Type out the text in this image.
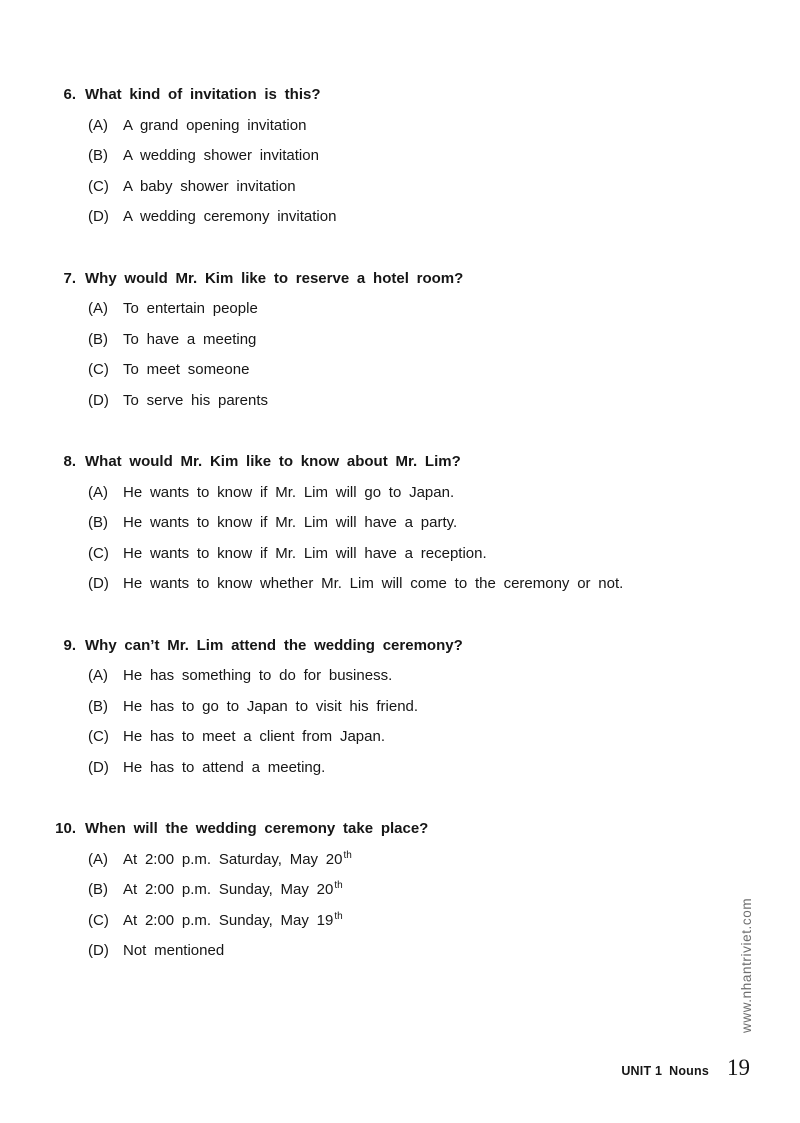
6. What kind of invitation is this?
(A)	A grand opening invitation
(B)	A wedding shower invitation
(C) A baby shower invitation
(D) A wedding ceremony invitation
7. Why would Mr. Kim like to reserve a hotel room?
(A)	To entertain people
(B)	To have a meeting
(C) To meet someone
(D) To serve his parents
8. What would Mr. Kim like to know about Mr. Lim?
(A)	He wants to know if Mr. Lim will go to Japan.
(B)	He wants to know if Mr. Lim will have a party.
(C) He wants to know if Mr. Lim will have a reception.
(D) He wants to know whether Mr. Lim will come to the ceremony or not.
9. Why can’t Mr. Lim attend the wedding ceremony?
(A)	He has something to do for business.
(B)	He has to go to Japan to visit his friend.
(C) He has to meet a client from Japan.
(D) He has to attend a meeting.
10. When will the wedding ceremony take place?
(A)	At 2:00 p.m. Saturday, May 20th
(B)	At 2:00 p.m. Sunday, May 20th
(C) At 2:00 p.m. Sunday, May 19th
(D) Not mentioned	www.nhantriviet.com
UNIT 1 Nouns 19
